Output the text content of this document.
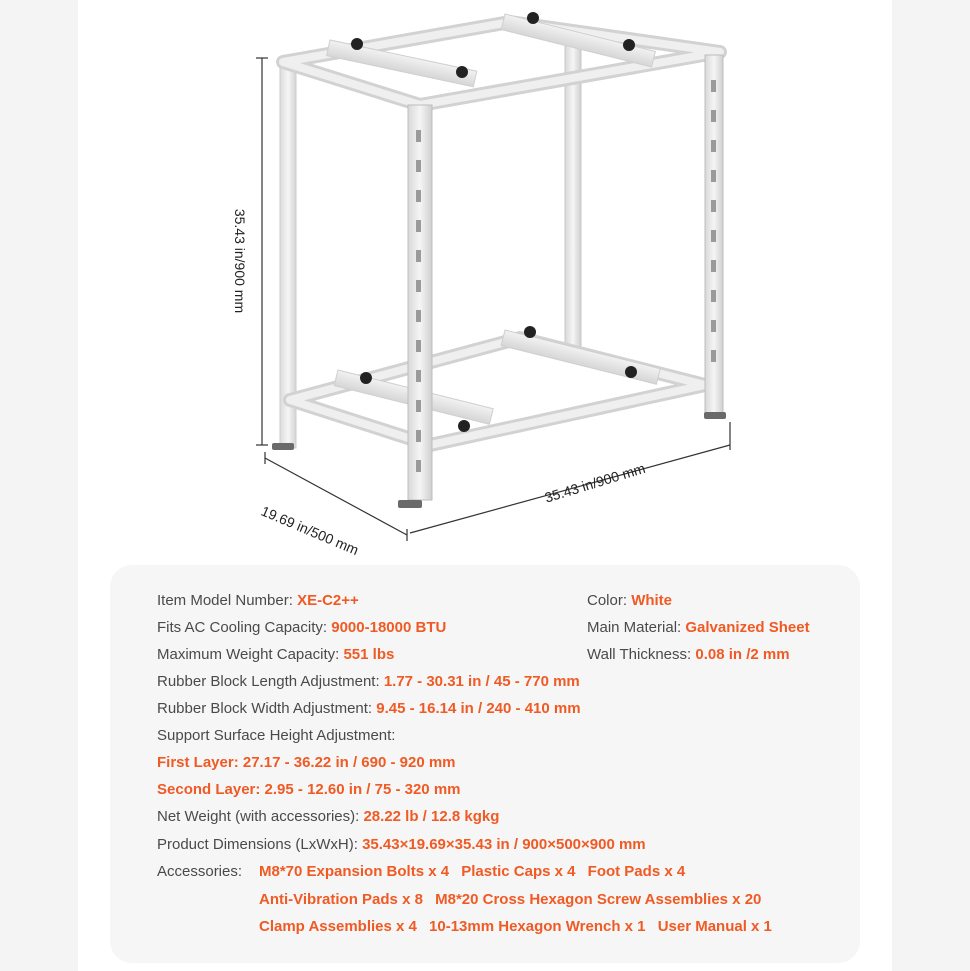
35.43 in/900 mm
19.69 in/500 mm
35.43 in/900 mm
Item Model Number: XE-C2++
Fits AC Cooling Capacity: 9000-18000 BTU
Maximum Weight Capacity: 551 lbs
Rubber Block Length Adjustment: 1.77 - 30.31 in / 45 - 770 mm
Rubber Block Width Adjustment: 9.45 - 16.14 in / 240 - 410 mm
Support Surface Height Adjustment:
First Layer: 27.17 - 36.22 in / 690 - 920 mm
Second Layer: 2.95 - 12.60 in / 75 - 320 mm
Net Weight (with accessories): 28.22 lb / 12.8 kgkg
Product Dimensions (LxWxH): 35.43×19.69×35.43 in / 900×500×900 mm
Accessories: M8*70 Expansion Bolts x 4 Plastic Caps x 4 Foot Pads x 4
Anti-Vibration Pads x 8 M8*20 Cross Hexagon Screw Assemblies x 20
Clamp Assemblies x 4 10-13mm Hexagon Wrench x 1 User Manual x 1
Color: White
Main Material: Galvanized Sheet
Wall Thickness: 0.08 in /2 mm
